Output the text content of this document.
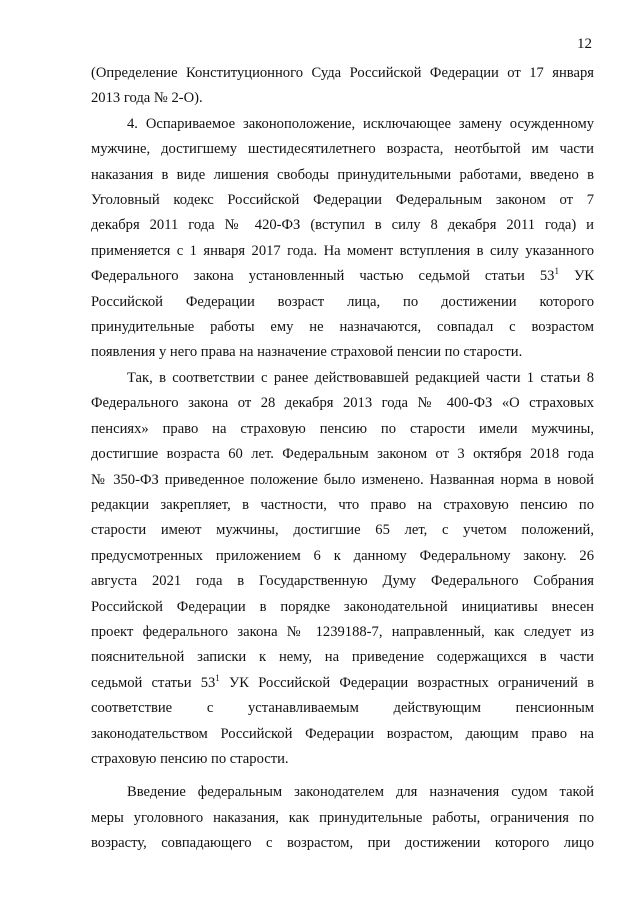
12
(Определение Конституционного Суда Российской Федерации от 17 января
2013 года № 2-О).
4. Оспариваемое законоположение, исключающее замену осужденному
мужчине, достигшему шестидесятилетнего возраста, неотбытой им части
наказания в виде лишения свободы принудительными работами, введено в
Уголовный кодекс Российской Федерации Федеральным законом от 7
декабря 2011 года № 420-ФЗ (вступил в силу 8 декабря 2011 года) и
применяется с 1 января 2017 года. На момент вступления в силу указанного
Федерального закона установленный частью седьмой статьи $53^1$ УК
Российской Федерации возраст лица, по достижении которого
принудительные работы ему не назначаются, совпадал с возрастом
появления у него права на назначение страховой пенсии по старости.
Так, в соответствии с ранее действовавшей редакцией части 1 статьи 8
Федерального закона от 28 декабря 2013 года № 400-ФЗ «О страховых
пенсиях» право на страховую пенсию по старости имели мужчины,
достигшие возраста 60 лет. Федеральным законом от 3 октября 2018 года
№ 350-ФЗ приведенное положение было изменено. Названная норма в новой
редакции закрепляет, в частности, что право на страховую пенсию по
старости имеют мужчины, достигшие 65 лет, с учетом положений,
предусмотренных приложением 6 к данному Федеральному закону. 26
августа 2021 года в Государственную Думу Федерального Собрания
Российской Федерации в порядке законодательной инициативы внесен
проект федерального закона № 1239188-7, направленный, как следует из
пояснительной записки к нему, на приведение содержащихся в части
седьмой статьи $53^1$ УК Российской Федерации возрастных ограничений в
соответствие с устанавливаемым действующим пенсионным
законодательством Российской Федерации возрастом, дающим право на
страховую пенсию по старости.
Введение федеральным законодателем для назначения судом такой
меры уголовного наказания, как принудительные работы, ограничения по
возрасту, совпадающего с возрастом, при достижении которого лицо
